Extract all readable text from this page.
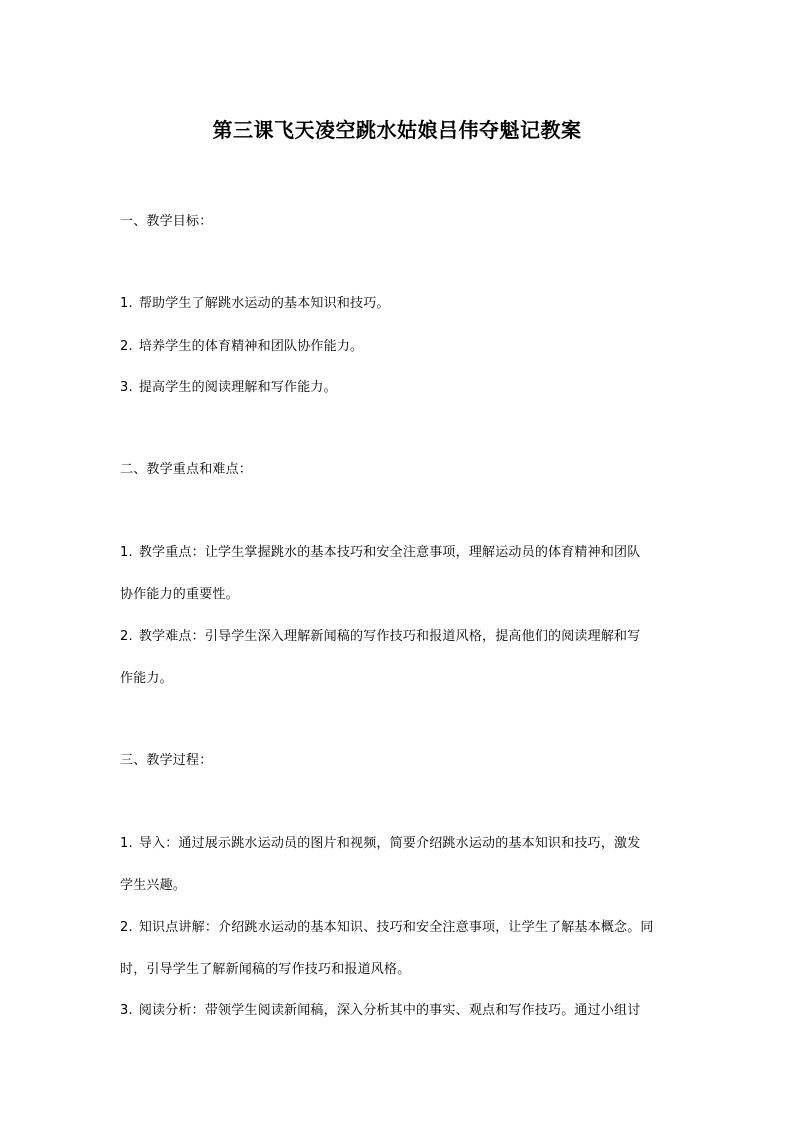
第三课飞天凌空跳水姑娘吕伟夺魁记教案
一、教学目标：
1. 帮助学生了解跳水运动的基本知识和技巧。
2. 培养学生的体育精神和团队协作能力。
3. 提高学生的阅读理解和写作能力。
二、教学重点和难点：
1. 教学重点：让学生掌握跳水的基本技巧和安全注意事项，理解运动员的体育精神和团队
协作能力的重要性。
2. 教学难点：引导学生深入理解新闻稿的写作技巧和报道风格，提高他们的阅读理解和写
作能力。
三、教学过程：
1. 导入：通过展示跳水运动员的图片和视频，简要介绍跳水运动的基本知识和技巧，激发
学生兴趣。
2. 知识点讲解：介绍跳水运动的基本知识、技巧和安全注意事项，让学生了解基本概念。同
时，引导学生了解新闻稿的写作技巧和报道风格。
3. 阅读分析：带领学生阅读新闻稿，深入分析其中的事实、观点和写作技巧。通过小组讨
